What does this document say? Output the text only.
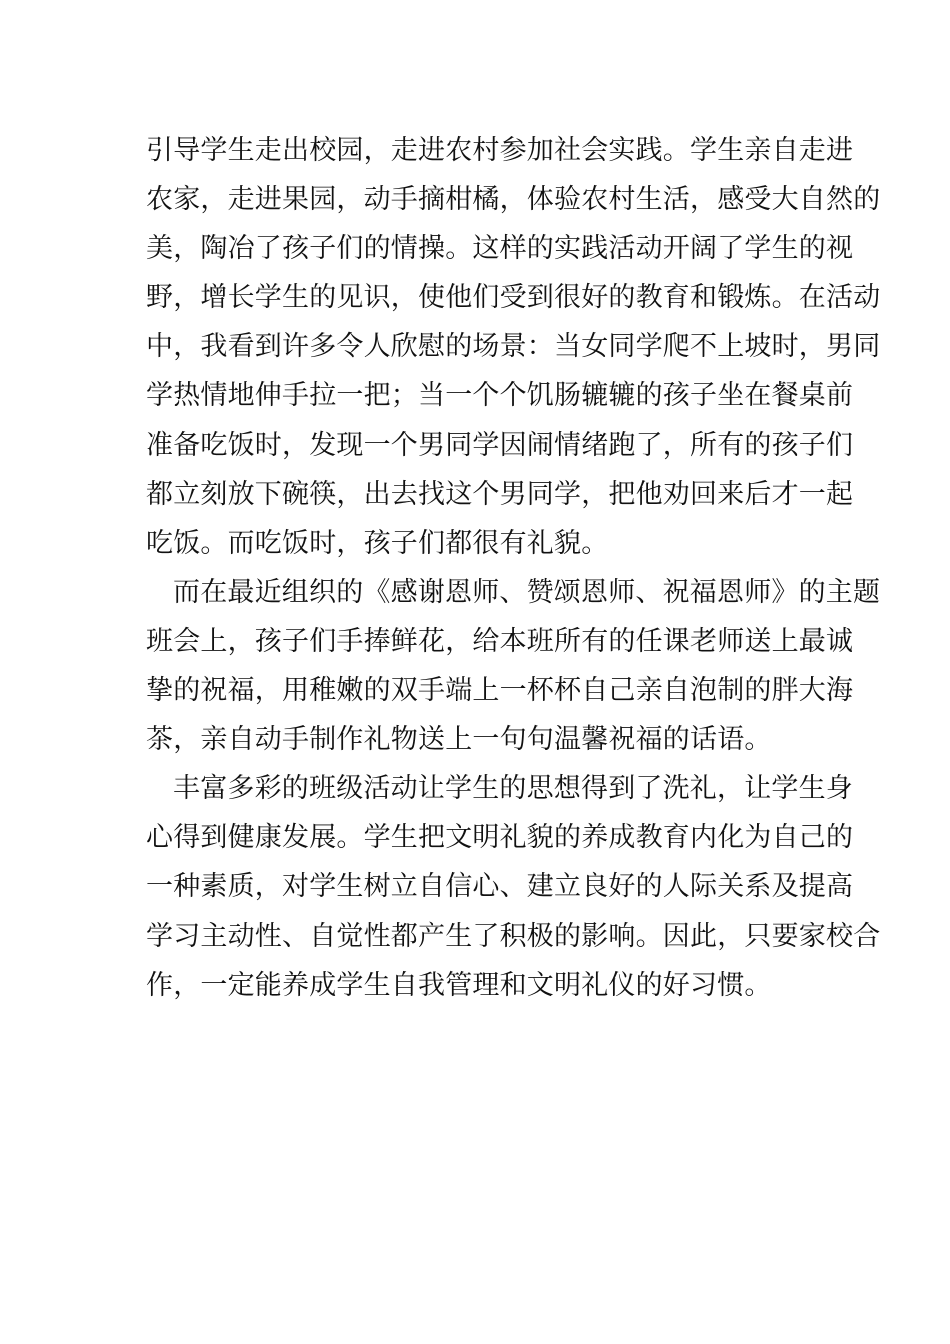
引导学生走出校园，走进农村参加社会实践。学生亲自走进
农家，走进果园，动手摘柑橘，体验农村生活，感受大自然的
美，陶冶了孩子们的情操。这样的实践活动开阔了学生的视
野，增长学生的见识，使他们受到很好的教育和锻炼。在活动
中，我看到许多令人欣慰的场景：当女同学爬不上坡时，男同
学热情地伸手拉一把；当一个个饥肠辘辘的孩子坐在餐桌前
准备吃饭时，发现一个男同学因闹情绪跑了，所有的孩子们
都立刻放下碗筷，出去找这个男同学，把他劝回来后才一起
吃饭。而吃饭时，孩子们都很有礼貌。
而在最近组织的《感谢恩师、赞颂恩师、祝福恩师》的主题
班会上，孩子们手捧鲜花，给本班所有的任课老师送上最诚
挚的祝福，用稚嫩的双手端上一杯杯自己亲自泡制的胖大海
茶，亲自动手制作礼物送上一句句温馨祝福的话语。
丰富多彩的班级活动让学生的思想得到了洗礼，让学生身
心得到健康发展。学生把文明礼貌的养成教育内化为自己的
一种素质，对学生树立自信心、建立良好的人际关系及提高
学习主动性、自觉性都产生了积极的影响。因此，只要家校合
作，一定能养成学生自我管理和文明礼仪的好习惯。
